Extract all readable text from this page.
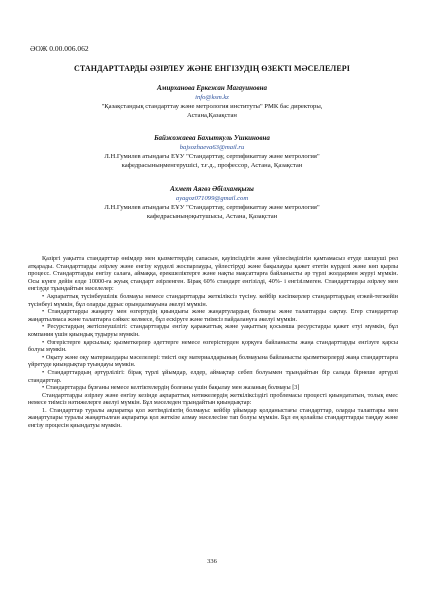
ӘОЖ 0.00.006.062
СТАНДАРТТАРДЫ ӘЗІРЛЕУ ЖӘНЕ ЕНГІЗУДІҢ ӨЗЕКТІ МӘСЕЛЕЛЕРІ
Амирханова Еркежан Магауиновна
info@ksm.kz
"Қазақстандық стандарттау және метрология институты" РМК бас директоры,
Астана,Қазақстан
Байжожаева Бахыткуль Ушкиновна
bajsozhaeva63@mail.ru
Л.Н.Гумилев атындағы ЕҰУ "Стандарттау, сертификаттау және метрология"
кафедрасыныңменгерушісі, т.ғ.д., профессор, Астана, Қазақстан
Ахмет Аягөз Әбілхамқызы
ayagoz071099@gmail.com
Л.Н.Гумилев атындағы ЕҰУ "Стандарттау, сертификаттау және метрология"
кафедрасыныңоқытушысы, Астана, Қазақстан

Қазіргі уақытта стандарттар өнімдер мен қызметтердің сапасын, қауіпсіздігін және үйлесімділігін қамтамасыз етуде шешуші рөл атқарады. Стандарттарды әзірлеу және енгізу күрделі жоспарлауды, үйлестіруді және бақылауды қажет ететін күрделі және көп қырлы процесс. Стандарттарды енгізу салаға, аймаққа, ерекшеліктерге және нақты мақсаттарға байланысты әр түрлі жолдармен жүруі мүмкін. Осы күнге дейін елде 10000-ға жуық стандарт әзірленген. Бірақ 60% стандарт енгізілді, 40%- і енгізілмеген. Стандарттарды әзірлеу мен енгізуде тұындайтын мәселелер:

• Ақпараттық түсінбеушілік болмауы немесе стандарттарды жеткіліксіз түсіну. кейбір кәсіпкерлер стандарттардың егжей-тегжейін түсінбеуі мүмкін, бұл оларды дұрыс орындалмауына әкелуі мүмкін.

• Стандарттарды жаңарту мен өзгертудің қиындығы және жаңартулардың болмауы және талаптарды сақтау. Егер стандарттар жаңартылмаса және талаптарға сәйкес келмесе, бұл ескіруге және тиімсіз пайдалануға әкелуі мүмкін.

• Ресурстардың жетіспеушілігі: стандарттарды енгізу қаражаттық және уақыттың қосымша ресурстарды қажет етуі мүмкін, бұл компания үшін қиындық тудыруы мүмкін.

• Өзгерістерге қарсылық: қызметкерлер әдеттерге немесе өзгерістерден қорқуға байланысты жаңа стандарттарды енгізуге қарсы болуы мүмкін.

• Оқыту және оқу материалдары мәселелері: тиісті оқу материалдарының болмауына байланысты қызметкерлерді жаңа стандарттарға үйретуде қиындықтар туындауы мүмкін.

• Стандарттардың әртүрлілігі: бірақ түрлі ұйымдар, елдер, аймақтар себеп болуымен тұындайтын бір салада бірнеше әртүрлі стандарттар.

• Стандарттарды бұзғаны немесе келтіктелердің болғаны үшін бақылау мен жазаның болмауы [3]

Стандарттарды әзірлеу және енгізу кезінде ақпараттық нәтижелердің жеткіліксіздігі проблемасы процесті қиындататын, толық емес немесе тиімсіз нәтижелерге әкелуі мүмкін. Бұл мәселеден тұындайтын қиындықтар:

1. Стандарттар туралы ақпаратқа қол жетімділіктің болмауы: кейбір ұйымдар қолданыстағы стандарттар, оларды талаптары мен жаңартулары туралы жаңартылған ақпаратқа қол жеткізе алмау мәселесіне тап болуы мүмкін. Бұл ең қолайлы стандарттарды таңдау және енгізу процесін қиындатуы мүмкін.

336
